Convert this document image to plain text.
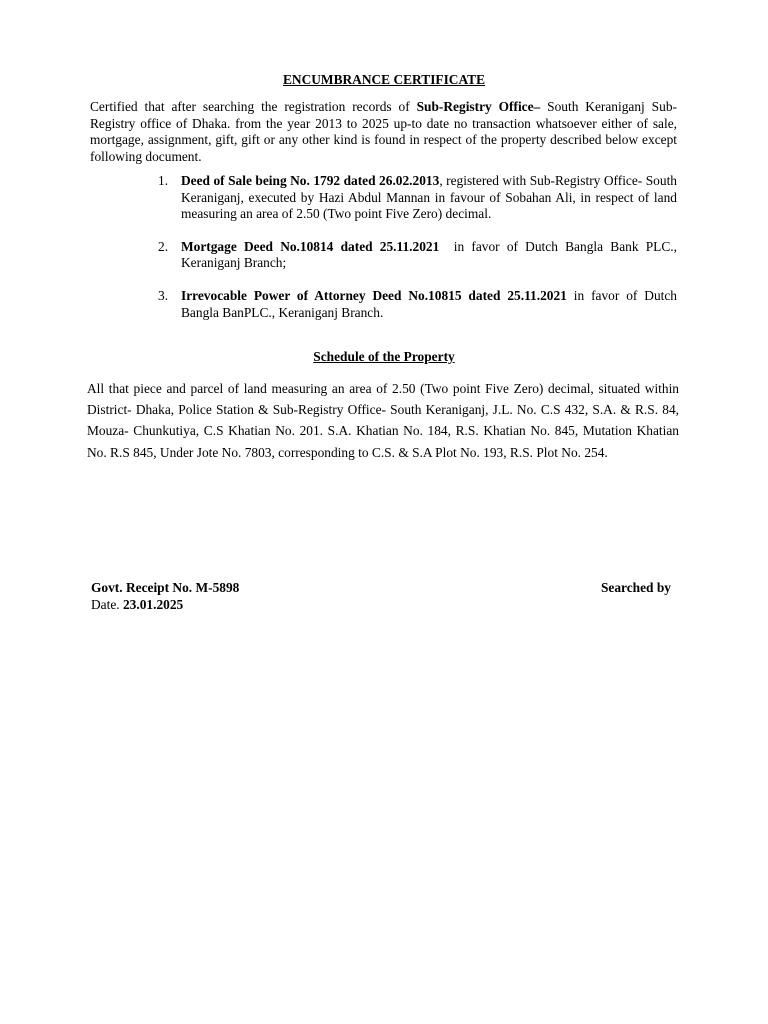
ENCUMBRANCE CERTIFICATE

Certified that after searching the registration records of Sub-Registry Office– South Keraniganj Sub-Registry office of Dhaka. from the year 2013 to 2025 up-to date no transaction whatsoever either of sale, mortgage, assignment, gift, gift or any other kind is found in respect of the property described below except following document.

1. Deed of Sale being No. 1792 dated 26.02.2013, registered with Sub-Registry Office- South Keraniganj, executed by Hazi Abdul Mannan in favour of Sobahan Ali, in respect of land measuring an area of 2.50 (Two point Five Zero) decimal.
2. Mortgage Deed No.10814 dated 25.11.2021  in favor of Dutch Bangla Bank PLC., Keraniganj Branch;
3. Irrevocable Power of Attorney Deed No.10815 dated 25.11.2021 in favor of Dutch Bangla BanPLC., Keraniganj Branch.

Schedule of the Property

All that piece and parcel of land measuring an area of 2.50 (Two point Five Zero) decimal, situated within District- Dhaka, Police Station & Sub-Registry Office- South Keraniganj, J.L. No. C.S 432, S.A. & R.S. 84, Mouza- Chunkutiya, C.S Khatian No. 201. S.A. Khatian No. 184, R.S. Khatian No. 845, Mutation Khatian No. R.S 845, Under Jote No. 7803, corresponding to C.S. & S.A Plot No. 193, R.S. Plot No. 254.

Govt. Receipt No. M-5898
Date. 23.01.2025
Searched by
